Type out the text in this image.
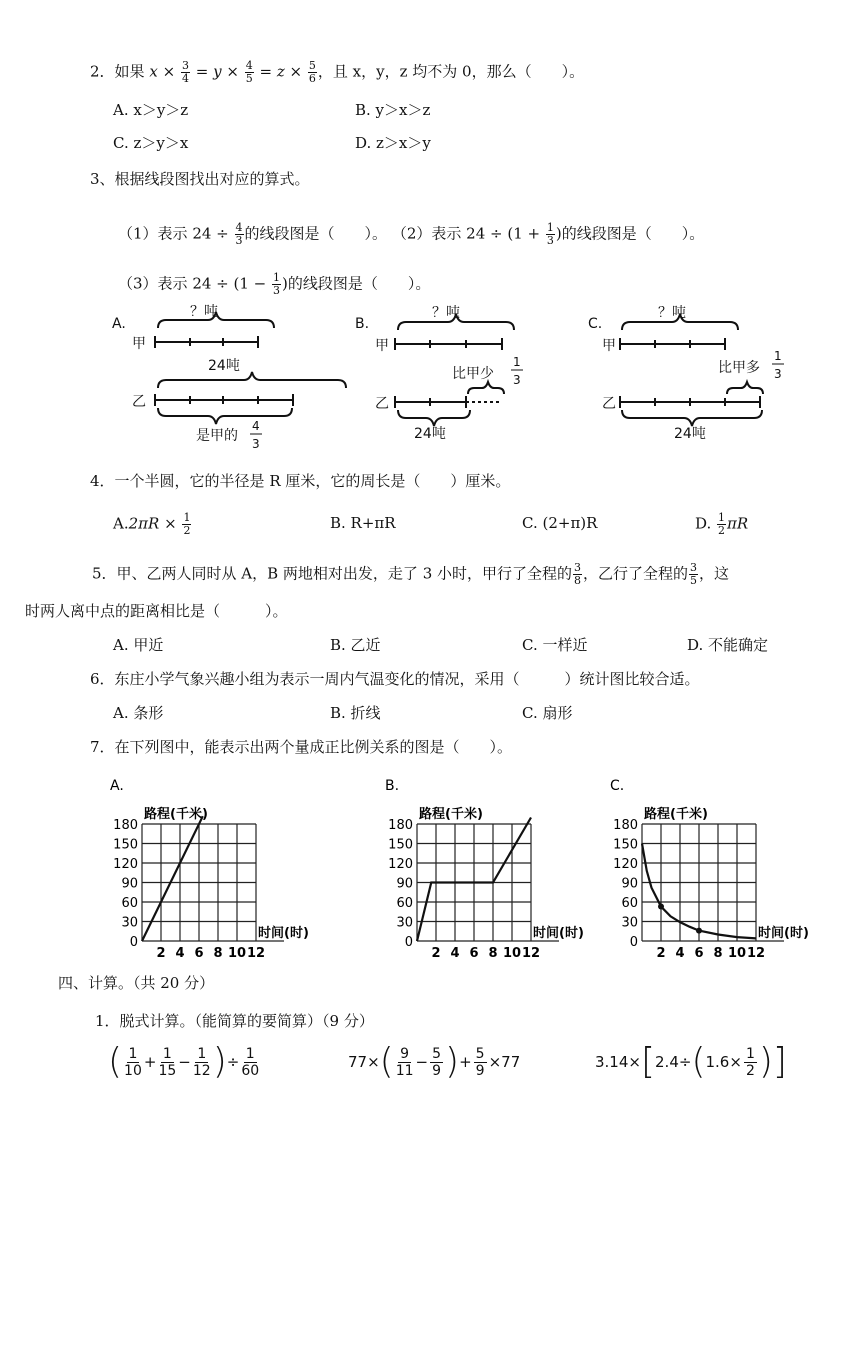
2．如果 $x \times \frac{3}{4} = y \times \frac{4}{5} = z \times \frac{5}{6}$ ，且 x，y，z 均不为 0，那么（　　）。
A. x＞y＞z	B. y＞x＞z
C. z＞y＞x	D. z＞x＞y
3、根据线段图找出对应的算式。
（1）表示 $24 \div \frac{4}{3}$ 的线段图是（　　）。 （2）表示 $24 \div (1 + \frac{1}{3}$ )的线段图是（　　）。
（3）表示 $24 \div (1 - \frac{1}{3}$ )的线段图是（　　）。
A.
？吨
甲
24吨
乙
是甲的
4
3
B.
？吨
甲
比甲少
1
3
乙
24吨
C.
？吨
甲
比甲多
1
3
乙
24吨
4．一个半圆，它的半径是 R 厘米，它的周长是（　　）厘米。
$A.2\pi R \times \frac{1}{2}$	B. R+πR	C. (2+π)R	D. $\frac{1}{2}$ πR
5．甲、乙两人同时从 A，B 两地相对出发，走了 3 小时，甲行了全程的 $\frac{3}{8}$ ，乙行了全程的 $\frac{3}{5}$ ，这
时两人离中点的距离相比是（　　　）。
A. 甲近	B. 乙近	C. 一样近	D. 不能确定
6．东庄小学气象兴趣小组为表示一周内气温变化的情况，采用（　　　）统计图比较合适。
A. 条形	B. 折线	C. 扇形
7．在下列图中，能表示出两个量成正比例关系的图是（　　）。
A.
路程(千米)
0
30
60
90
120
150
180
2 4 6 8 10 12
时间(时)
B.
路程(千米)
0
30
60
90
120
150
180
2 4 6 8 10 12
时间(时)
C.
路程(千米)
0
30
60
90
120
150
180
2 4 6 8 10 12
时间(时)
四、计算。（共 20 分）
1．脱式计算。（能简算的要简算）（9 分）
( 1
10 + 1
15 − 1
12 ) ÷ 1
60	77× ( 9
11 − 5
9 ) + $\frac{5}{9} \times 77$	3.14× [ 2.4÷ ( $1.6\times \frac{1}{2}$ )]
